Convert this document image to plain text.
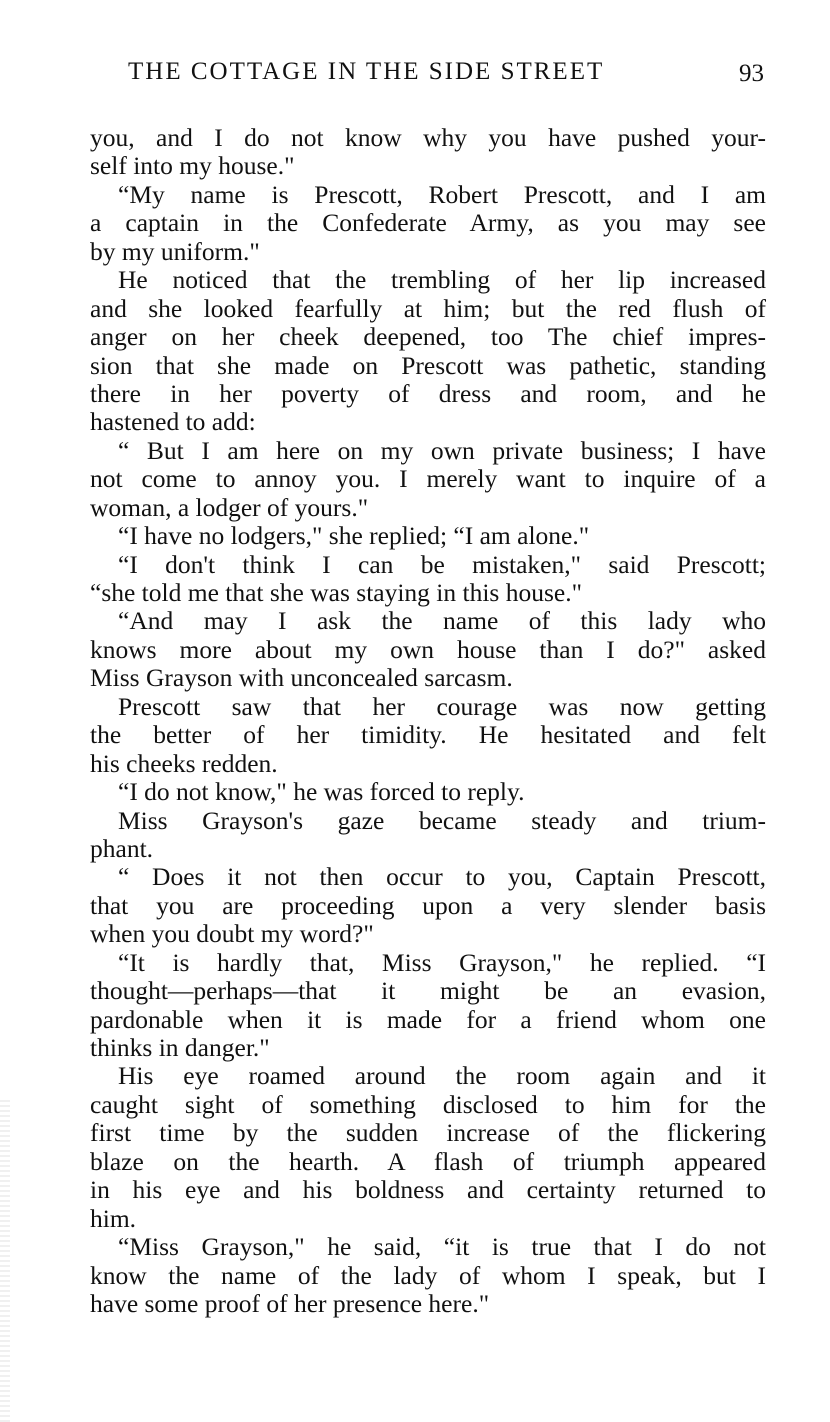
THE COTTAGE IN THE SIDE STREET	93
you, and I do not know why you have pushed your-
self into my house."
“My name is Prescott, Robert Prescott, and I am
a captain in the Confederate Army, as you may see
by my uniform."
He noticed that the trembling of her lip increased
and she looked fearfully at him; but the red flush of
anger on her cheek deepened, too The chief impres-
sion that she made on Prescott was pathetic, standing
there in her poverty of dress and room, and he
hastened to add:
“ But I am here on my own private business; I have
not come to annoy you. I merely want to inquire of a
woman, a lodger of yours."
“I have no lodgers," she replied; “I am alone."
“I don't think I can be mistaken," said Prescott;
“she told me that she was staying in this house."
“And may I ask the name of this lady who
knows more about my own house than I do?" asked
Miss Grayson with unconcealed sarcasm.
Prescott saw that her courage was now getting
the better of her timidity. He hesitated and felt
his cheeks redden.
“I do not know," he was forced to reply.
Miss Grayson's gaze became steady and trium-
phant.
“ Does it not then occur to you, Captain Prescott,
that you are proceeding upon a very slender basis
when you doubt my word?"
“It is hardly that, Miss Grayson," he replied. “I
thought—perhaps—that it might be an evasion,
pardonable when it is made for a friend whom one
thinks in danger."
His eye roamed around the room again and it
caught sight of something disclosed to him for the
first time by the sudden increase of the flickering
blaze on the hearth. A flash of triumph appeared
in his eye and his boldness and certainty returned to
him.
“Miss Grayson," he said, “it is true that I do not
know the name of the lady of whom I speak, but I
have some proof of her presence here."
